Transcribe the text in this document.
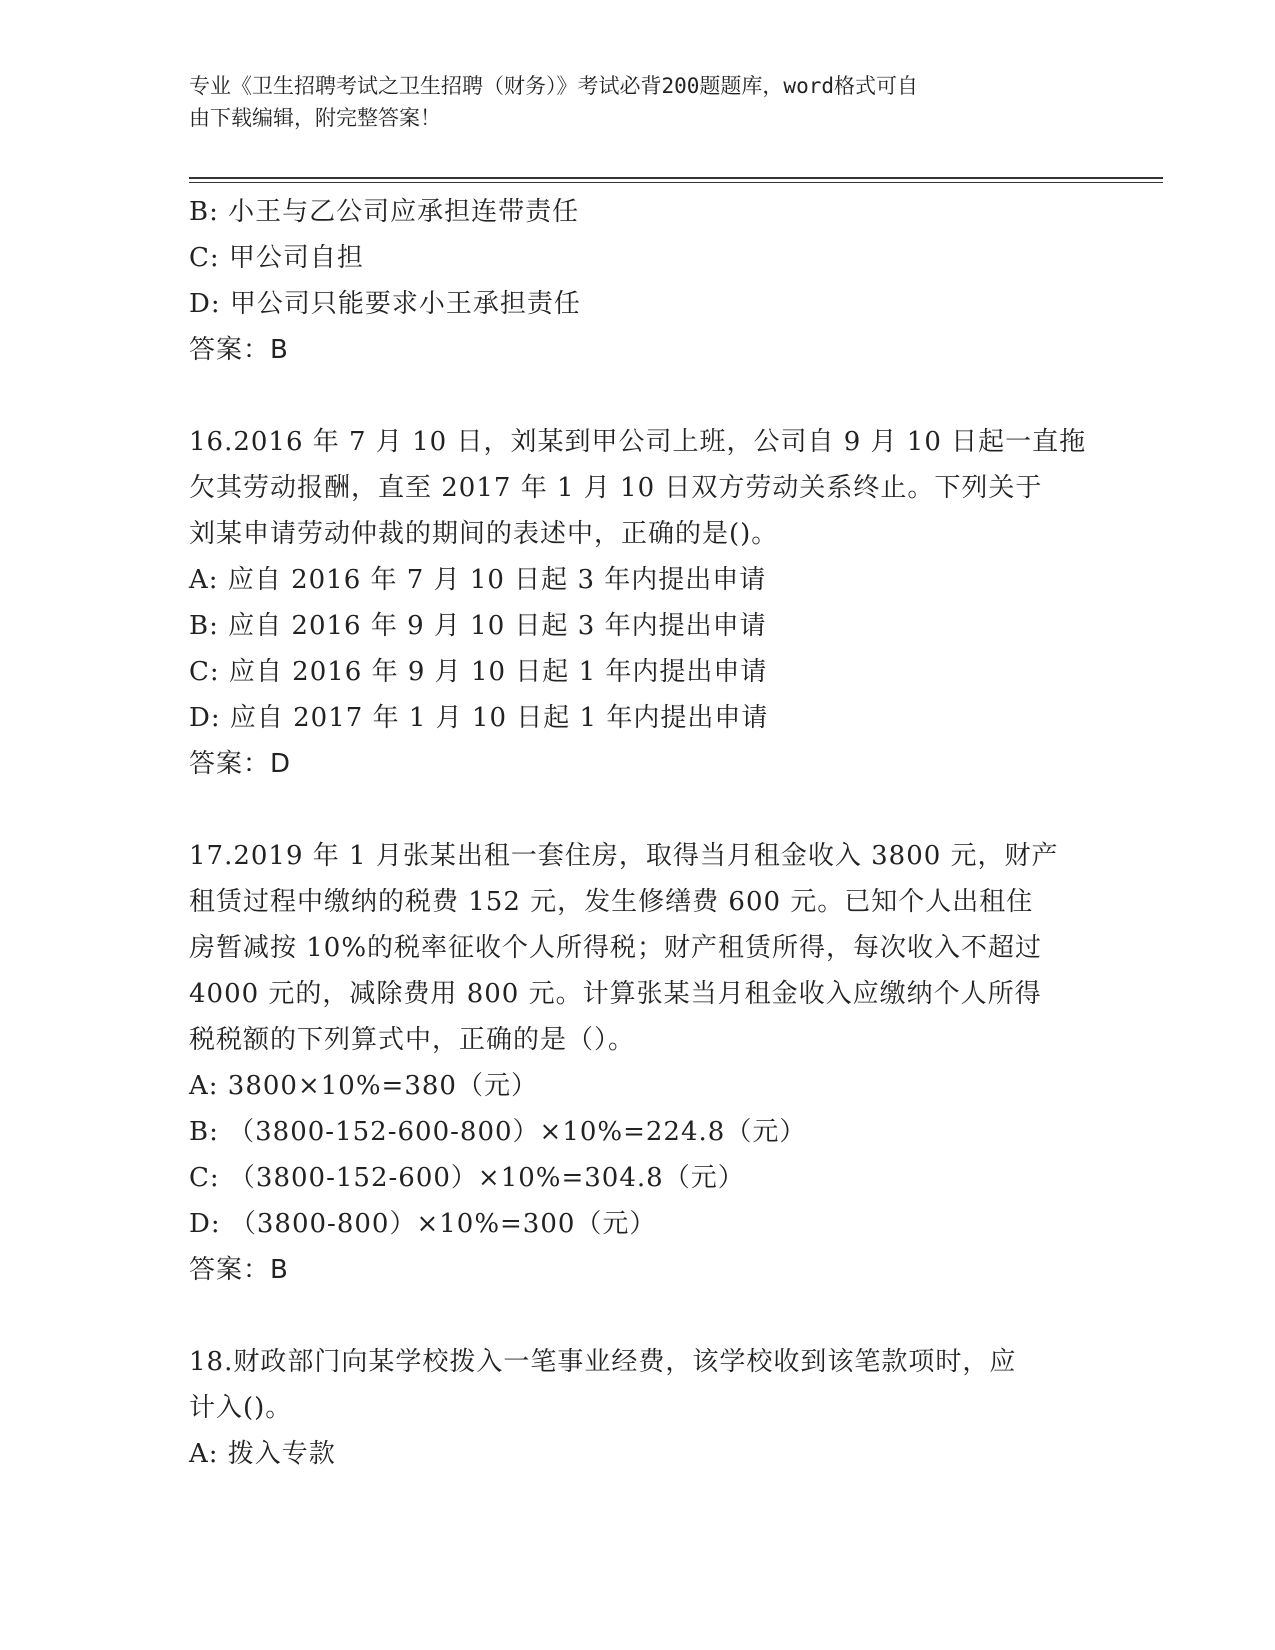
专业《卫生招聘考试之卫生招聘（财务）》考试必背200题题库，word格式可自
由下载编辑，附完整答案！
B: 小王与乙公司应承担连带责任
C: 甲公司自担
D: 甲公司只能要求小王承担责任
答案：B
16.2016 年 7 月 10 日，刘某到甲公司上班，公司自 9 月 10 日起一直拖
欠其劳动报酬，直至 2017 年 1 月 10 日双方劳动关系终止。下列关于
刘某申请劳动仲裁的期间的表述中，正确的是()。
A: 应自 2016 年 7 月 10 日起 3 年内提出申请
B: 应自 2016 年 9 月 10 日起 3 年内提出申请
C: 应自 2016 年 9 月 10 日起 1 年内提出申请
D: 应自 2017 年 1 月 10 日起 1 年内提出申请
答案：D
17.2019 年 1 月张某出租一套住房，取得当月租金收入 3800 元，财产
租赁过程中缴纳的税费 152 元，发生修缮费 600 元。已知个人出租住
房暂减按 10%的税率征收个人所得税；财产租赁所得，每次收入不超过
4000 元的，减除费用 800 元。计算张某当月租金收入应缴纳个人所得
税税额的下列算式中，正确的是（）。
A: 3800×10%=380（元）
B: （3800-152-600-800）×10%=224.8（元）
C: （3800-152-600）×10%=304.8（元）
D: （3800-800）×10%=300（元）
答案：B
18.财政部门向某学校拨入一笔事业经费，该学校收到该笔款项时，应
计入()。
A: 拨入专款
